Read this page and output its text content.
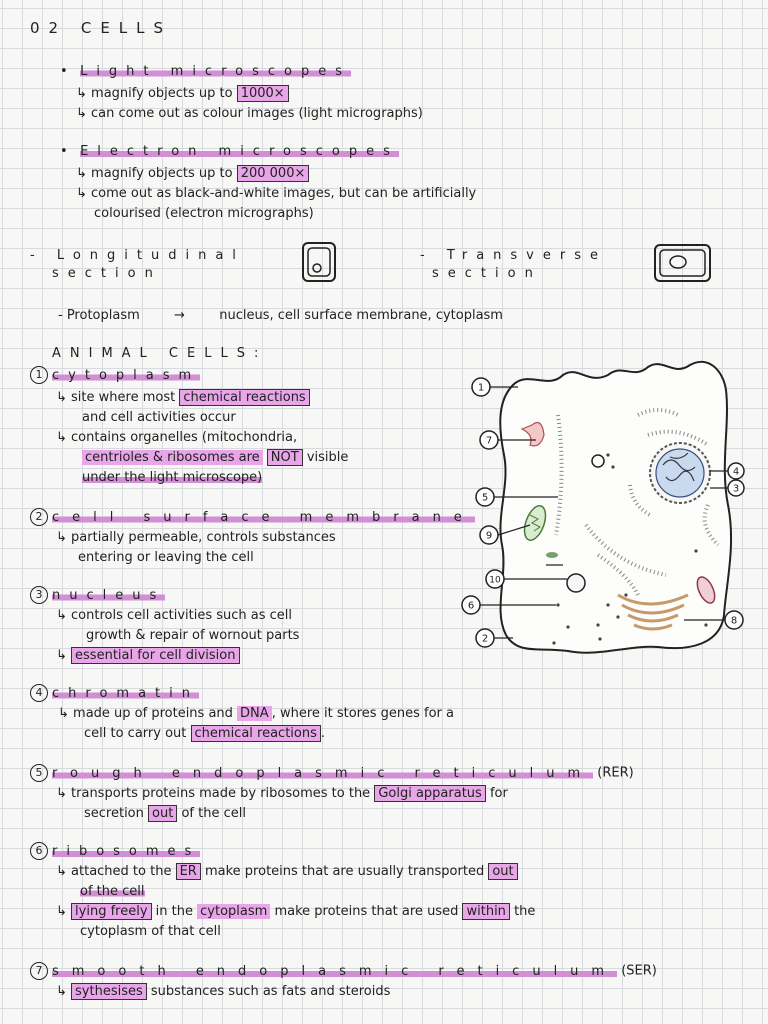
02 CELLS
•   Light microscopes
↳ magnify objects up to 1000×
↳ can come out as colour images (light micrographs)
•   Electron microscopes
↳ magnify objects up to 200 000×
↳ come out as black-and-white images, but can be artificially
colourised (electron micrographs)
- Longitudinal
section
- Transverse
section
- Protoplasm	→	nucleus, cell surface membrane, cytoplasm
ANIMAL CELLS:
1 cytoplasm
↳ site where most chemical reactions
and cell activities occur
↳ contains organelles (mitochondria,
centrioles & ribosomes are NOT visible
under the light microscope)
2 cell surface membrane
↳ partially permeable, controls substances
entering or leaving the cell
3 nucleus
↳ controls cell activities such as cell
growth & repair of wornout parts
↳ essential for cell division
1
7
5
9
10
6
2
4
3
8
4 chromatin
↳ made up of proteins and DNA , where it stores genes for a
cell to carry out chemical reactions .
5 rough endoplasmic reticulum (RER)
↳ transports proteins made by ribosomes to the Golgi apparatus for
secretion out of the cell
6 ribosomes
↳ attached to the ER make proteins that are usually transported out
of the cell
↳ lying freely in the cytoplasm make proteins that are used within the
cytoplasm of that cell
7 smooth endoplasmic reticulum (SER)
↳ sythesises substances such as fats and steroids
